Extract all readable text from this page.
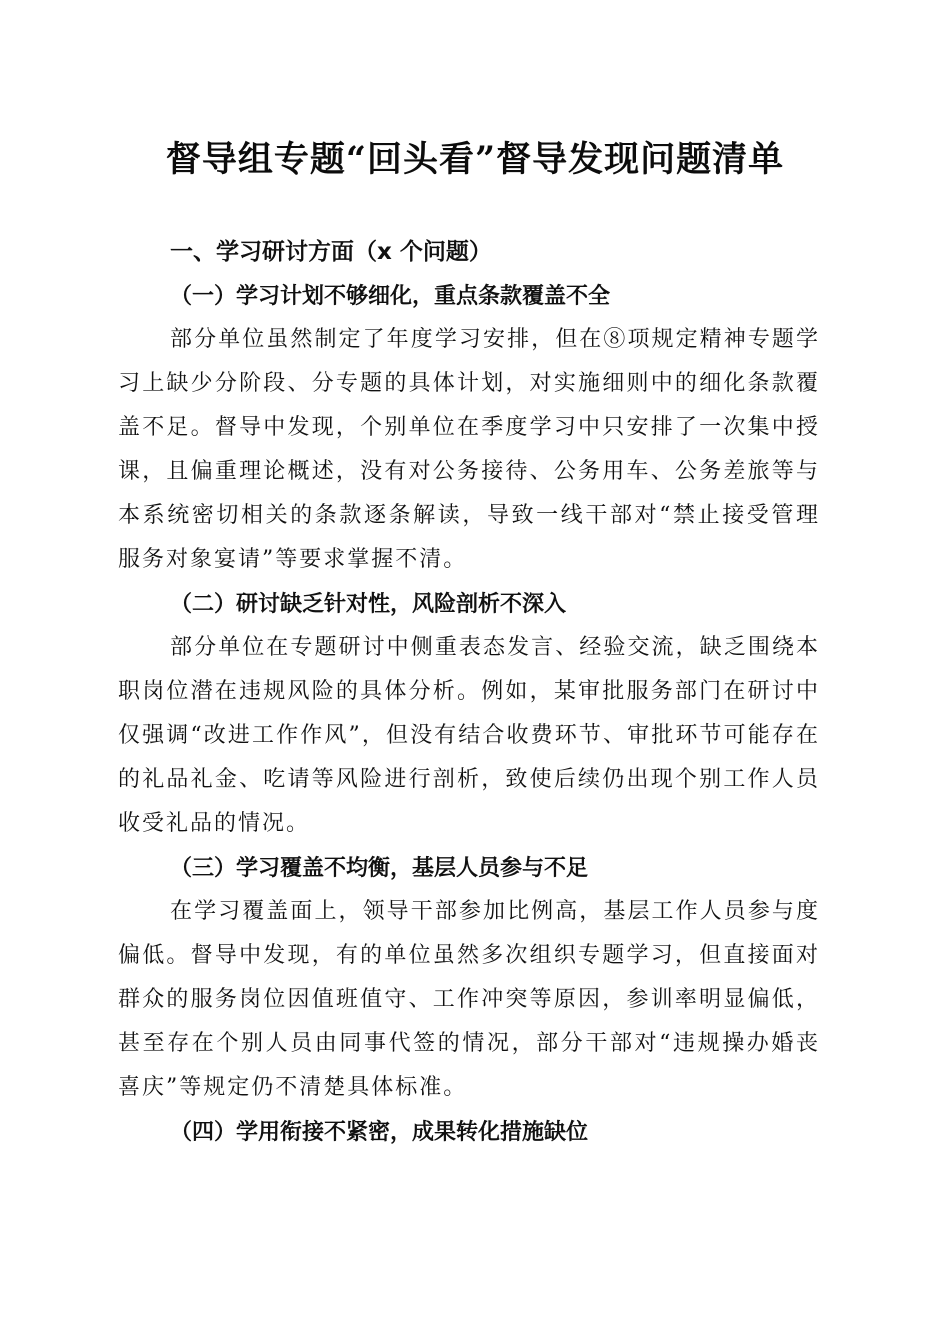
督导组专题“回头看”督导发现问题清单

一、学习研讨方面（x 个问题）

（一）学习计划不够细化，重点条款覆盖不全

部分单位虽然制定了年度学习安排，但在⑧项规定精神专题学习上缺少分阶段、分专题的具体计划，对实施细则中的细化条款覆盖不足。督导中发现，个别单位在季度学习中只安排了一次集中授课，且偏重理论概述，没有对公务接待、公务用车、公务差旅等与本系统密切相关的条款逐条解读，导致一线干部对“禁止接受管理服务对象宴请”等要求掌握不清。

（二）研讨缺乏针对性，风险剖析不深入

部分单位在专题研讨中侧重表态发言、经验交流，缺乏围绕本职岗位潜在违规风险的具体分析。例如，某审批服务部门在研讨中仅强调“改进工作作风”，但没有结合收费环节、审批环节可能存在的礼品礼金、吃请等风险进行剖析，致使后续仍出现个别工作人员收受礼品的情况。

（三）学习覆盖不均衡，基层人员参与不足

在学习覆盖面上，领导干部参加比例高，基层工作人员参与度偏低。督导中发现，有的单位虽然多次组织专题学习，但直接面对群众的服务岗位因值班值守、工作冲突等原因，参训率明显偏低，甚至存在个别人员由同事代签的情况，部分干部对“违规操办婚丧喜庆”等规定仍不清楚具体标准。

（四）学用衔接不紧密，成果转化措施缺位
